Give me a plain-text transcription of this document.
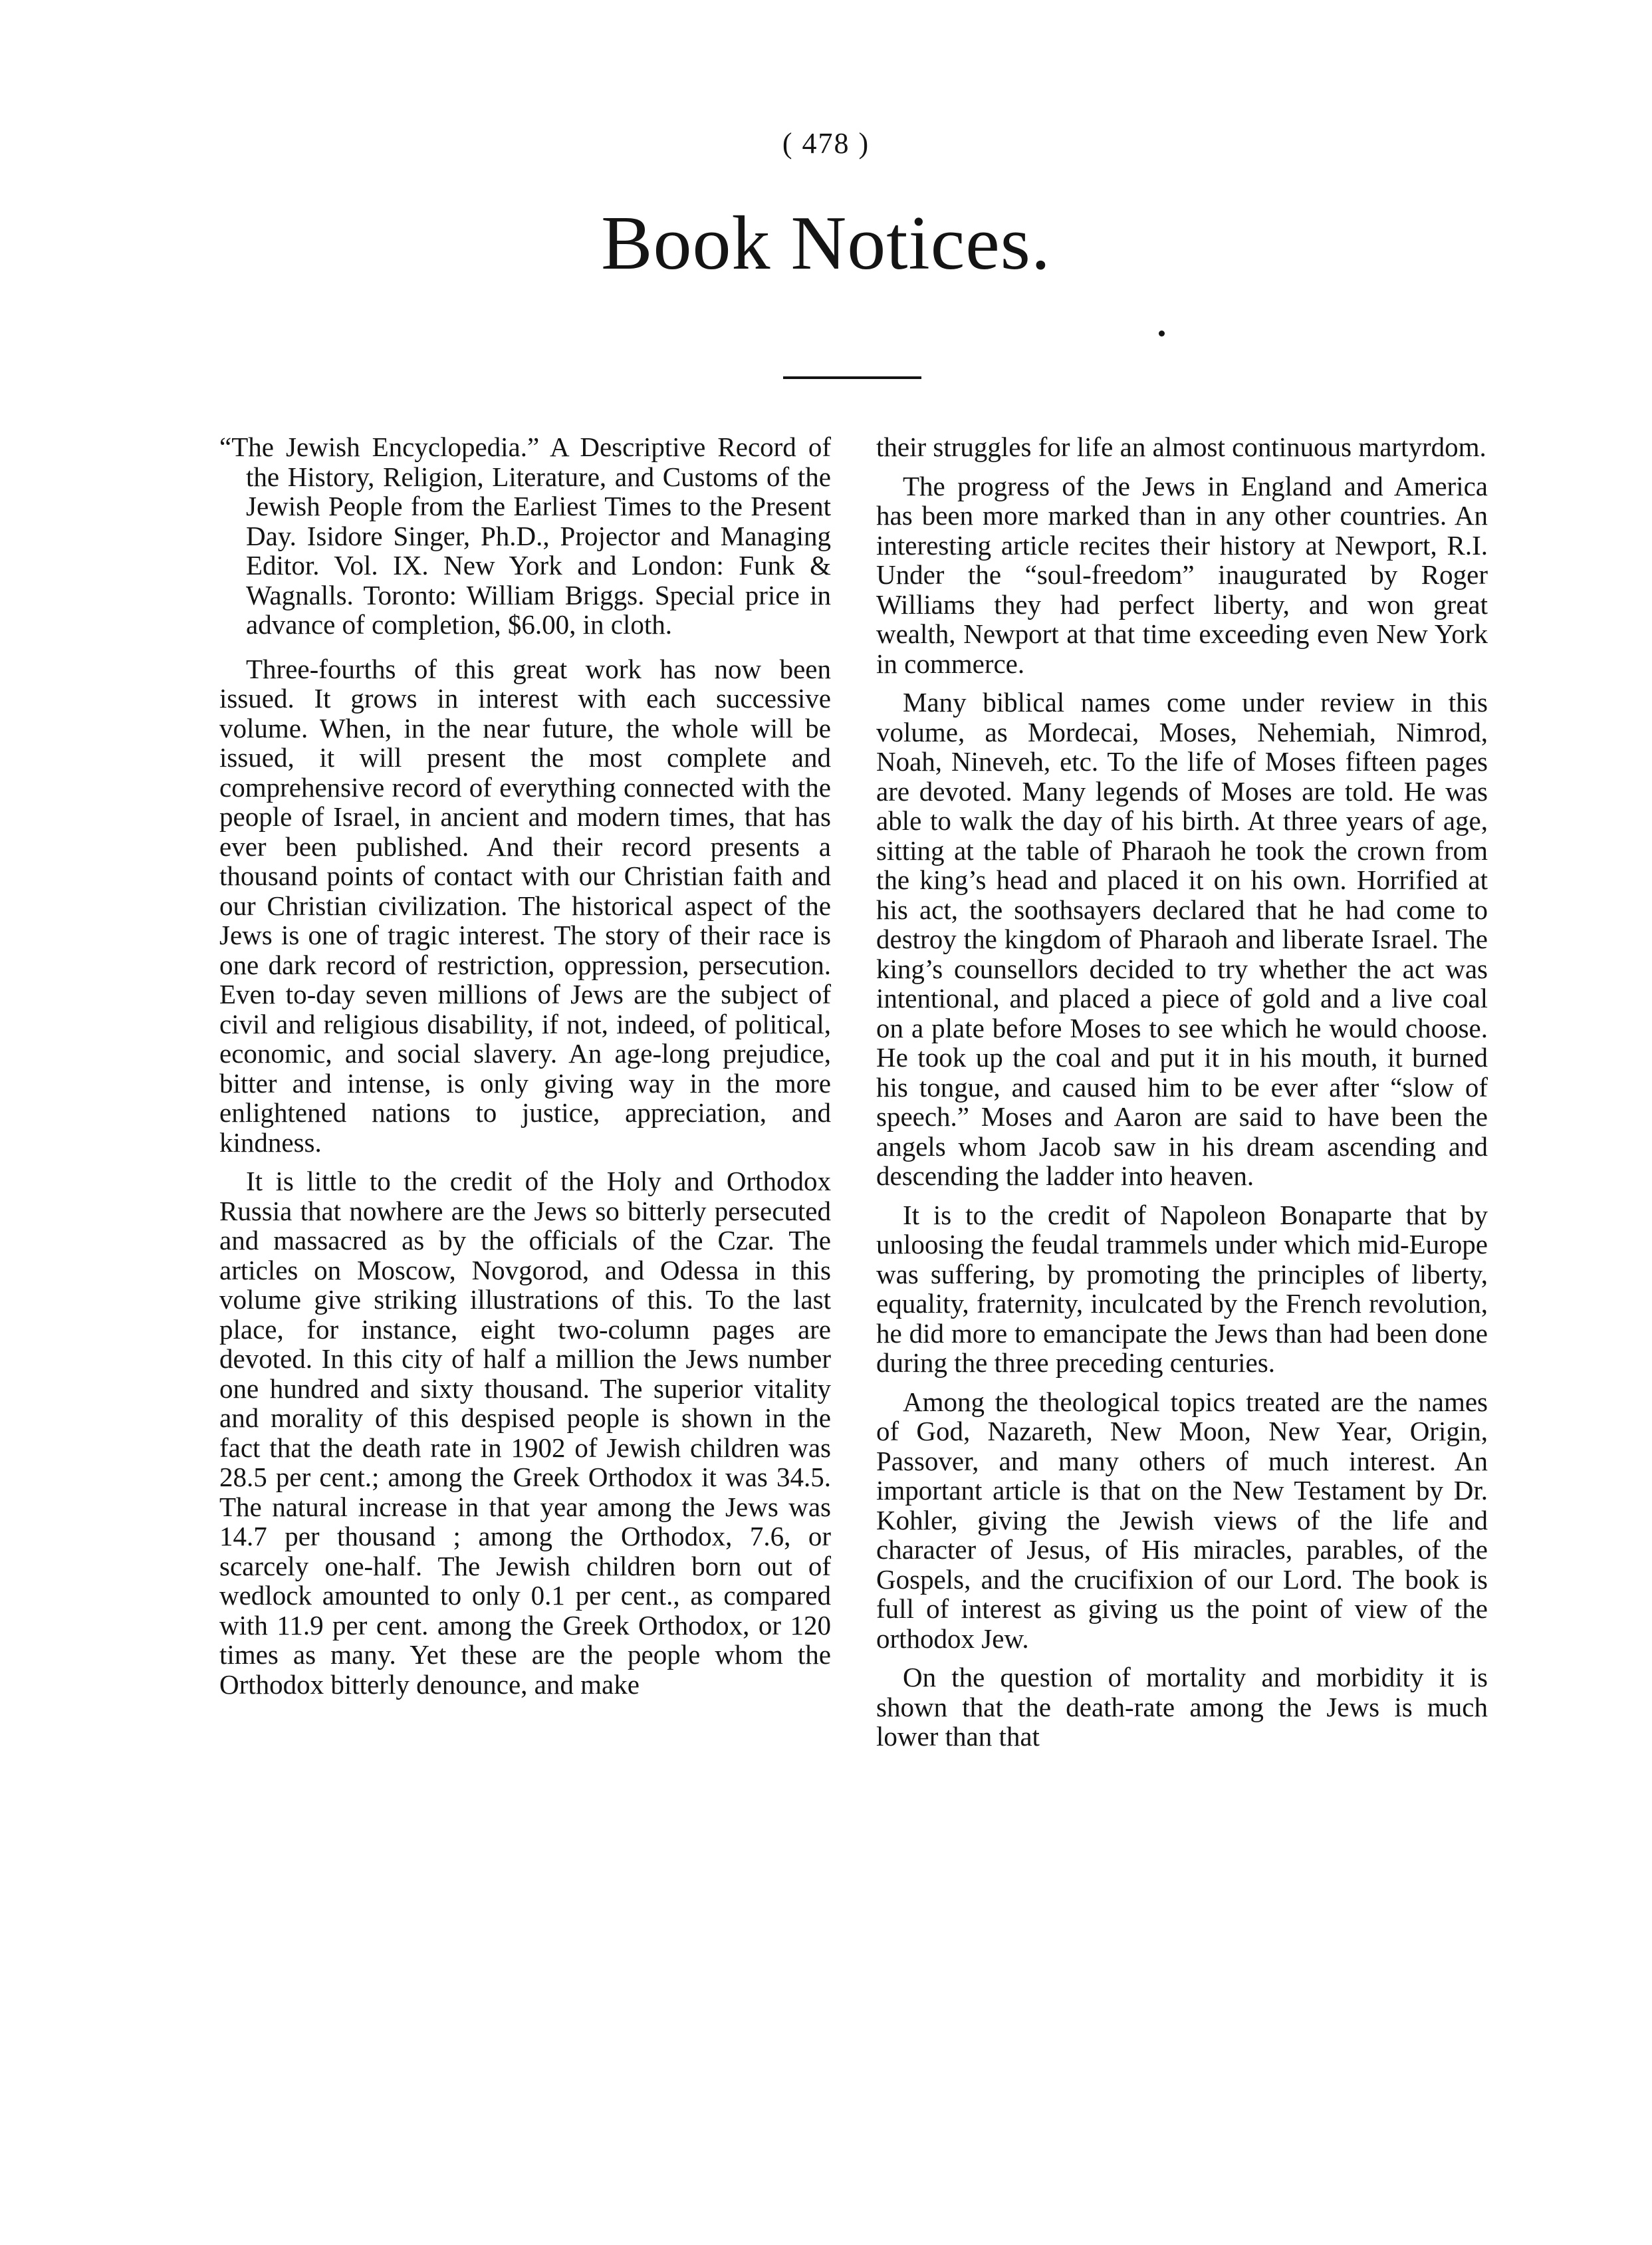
( 478 )
Book Notices.

“The Jewish Encyclopedia.” A Descriptive Record of the History, Religion, Literature, and Customs of the Jewish People from the Earliest Times to the Present Day. Isidore Singer, Ph.D., Projector and Managing Editor. Vol. IX. New York and London: Funk & Wagnalls. Toronto: William Briggs. Special price in advance of completion, $6.00, in cloth.

Three-fourths of this great work has now been issued. It grows in interest with each successive volume. When, in the near future, the whole will be issued, it will present the most complete and comprehensive record of everything connected with the people of Israel, in ancient and modern times, that has ever been published. And their record presents a thousand points of contact with our Christian faith and our Christian civilization. The historical aspect of the Jews is one of tragic interest. The story of their race is one dark record of restriction, oppression, persecution. Even to-day seven millions of Jews are the subject of civil and religious disability, if not, indeed, of political, economic, and social slavery. An age-long prejudice, bitter and intense, is only giving way in the more enlightened nations to justice, appreciation, and kindness.

It is little to the credit of the Holy and Orthodox Russia that nowhere are the Jews so bitterly persecuted and massacred as by the officials of the Czar. The articles on Moscow, Novgorod, and Odessa in this volume give striking illustrations of this. To the last place, for instance, eight two-column pages are devoted. In this city of half a million the Jews number one hundred and sixty thousand. The superior vitality and morality of this despised people is shown in the fact that the death rate in 1902 of Jewish children was 28.5 per cent.; among the Greek Orthodox it was 34.5. The natural increase in that year among the Jews was 14.7 per thousand ; among the Orthodox, 7.6, or scarcely one-half. The Jewish children born out of wedlock amounted to only 0.1 per cent., as compared with 11.9 per cent. among the Greek Orthodox, or 120 times as many. Yet these are the people whom the Orthodox bitterly denounce, and make

their struggles for life an almost continuous martyrdom.

The progress of the Jews in England and America has been more marked than in any other countries. An interesting article recites their history at Newport, R.I. Under the “soul-freedom” inaugurated by Roger Williams they had perfect liberty, and won great wealth, Newport at that time exceeding even New York in commerce.

Many biblical names come under review in this volume, as Mordecai, Moses, Nehemiah, Nimrod, Noah, Nineveh, etc. To the life of Moses fifteen pages are devoted. Many legends of Moses are told. He was able to walk the day of his birth. At three years of age, sitting at the table of Pharaoh he took the crown from the king’s head and placed it on his own. Horrified at his act, the soothsayers declared that he had come to destroy the kingdom of Pharaoh and liberate Israel. The king’s counsellors decided to try whether the act was intentional, and placed a piece of gold and a live coal on a plate before Moses to see which he would choose. He took up the coal and put it in his mouth, it burned his tongue, and caused him to be ever after “slow of speech.” Moses and Aaron are said to have been the angels whom Jacob saw in his dream ascending and descending the ladder into heaven.

It is to the credit of Napoleon Bonaparte that by unloosing the feudal trammels under which mid-Europe was suffering, by promoting the principles of liberty, equality, fraternity, inculcated by the French revolution, he did more to emancipate the Jews than had been done during the three preceding centuries.

Among the theological topics treated are the names of God, Nazareth, New Moon, New Year, Origin, Passover, and many others of much interest. An important article is that on the New Testament by Dr. Kohler, giving the Jewish views of the life and character of Jesus, of His miracles, parables, of the Gospels, and the crucifixion of our Lord. The book is full of interest as giving us the point of view of the orthodox Jew.

On the question of mortality and morbidity it is shown that the death-rate among the Jews is much lower than that
